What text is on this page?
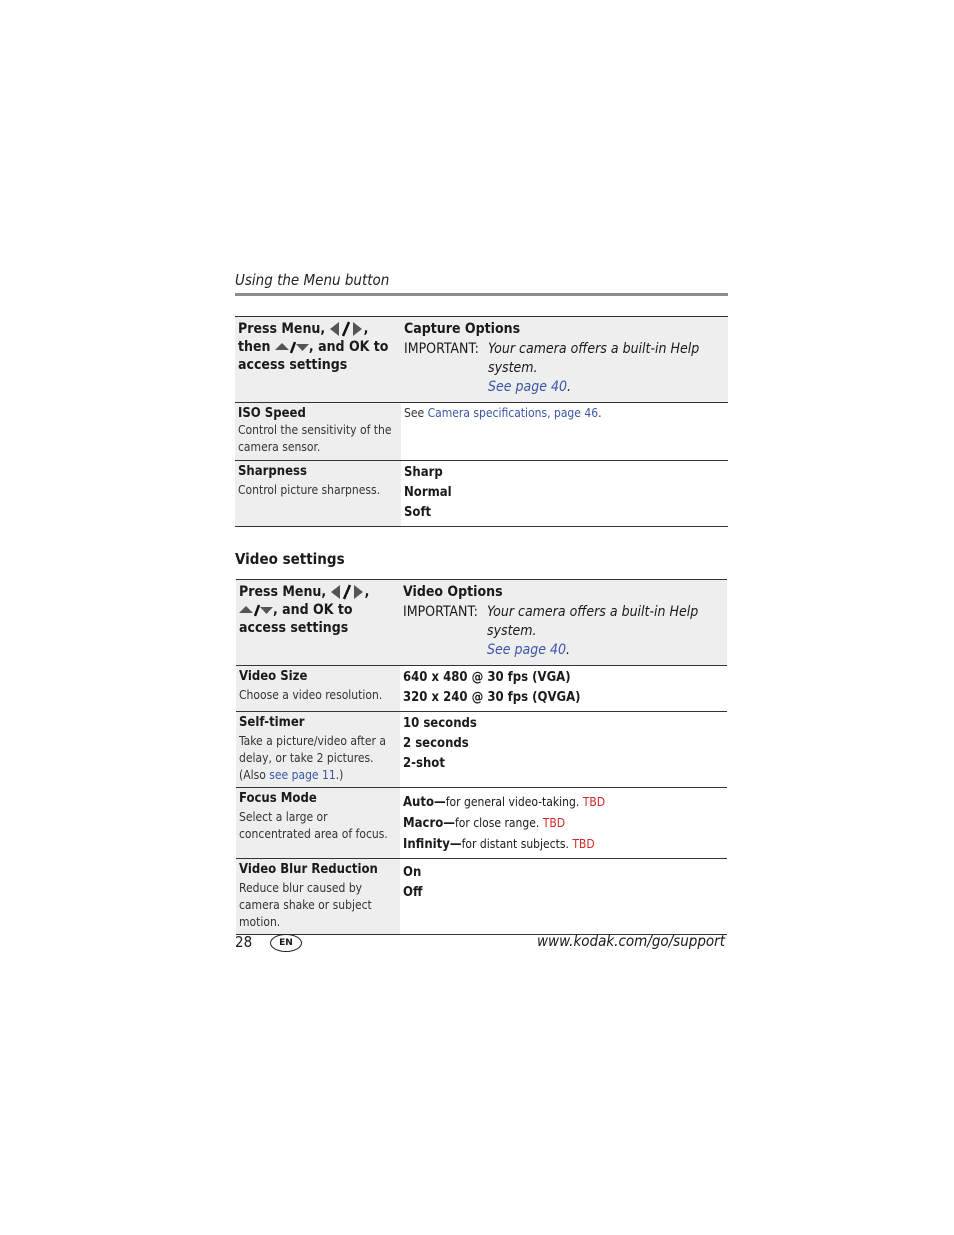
Using the Menu button
Press Menu, , then , and OK to access settings	Capture Options
IMPORTANT: Your camera offers a built-in Help system.
See page 40.

ISO Speed
Control the sensitivity of the camera sensor.	See Camera specifications, page 46.

Sharpness
Control picture sharpness.	Sharp
Normal
Soft
Video settings
Press Menu, ,
, and OK to access settings	Video Options
IMPORTANT: Your camera offers a built-in Help system.
See page 40.

Video Size
Choose a video resolution.	640 x 480 @ 30 fps (VGA)
320 x 240 @ 30 fps (QVGA)

Self-timer
Take a picture/video after a delay, or take 2 pictures. (Also see page 11.)	10 seconds
2 seconds
2-shot

Focus Mode
Select a large or concentrated area of focus.	Auto—for general video-taking. TBD
Macro—for close range. TBD
Infinity—for distant subjects. TBD

Video Blur Reduction
Reduce blur caused by camera shake or subject motion.	On
Off
28	EN	www.kodak.com/go/support
